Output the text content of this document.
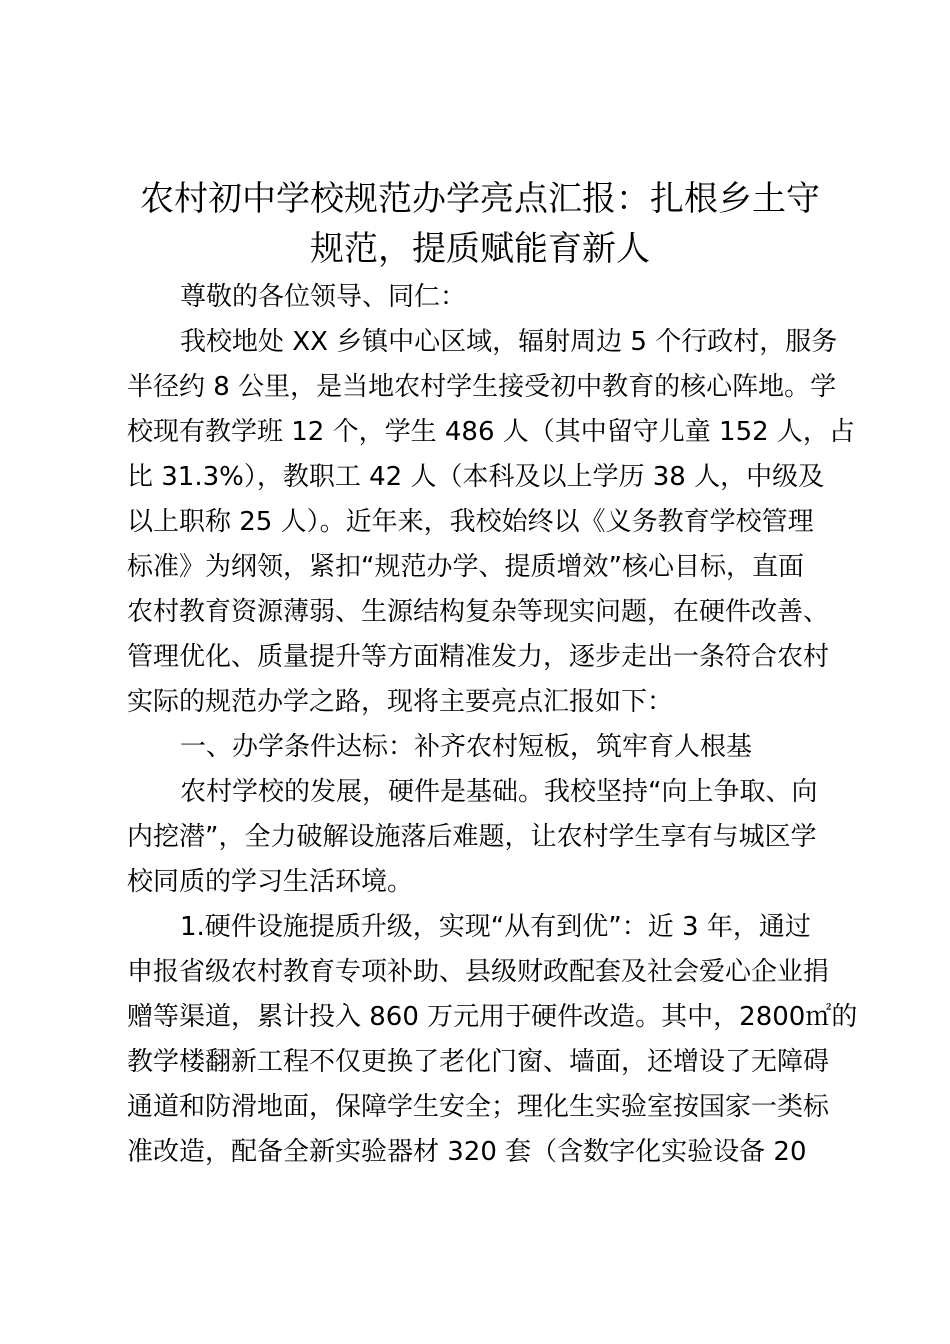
农村初中学校规范办学亮点汇报：扎根乡土守
规范，提质赋能育新人
尊敬的各位领导、同仁：
我校地处 XX 乡镇中心区域，辐射周边 5 个行政村，服务
半径约 8 公里，是当地农村学生接受初中教育的核心阵地。学
校现有教学班 12 个，学生 486 人（其中留守儿童 152 人，占
比 31.3%），教职工 42 人（本科及以上学历 38 人，中级及
以上职称 25 人）。近年来，我校始终以《义务教育学校管理
标准》为纲领，紧扣“规范办学、提质增效”核心目标，直面
农村教育资源薄弱、生源结构复杂等现实问题，在硬件改善、
管理优化、质量提升等方面精准发力，逐步走出一条符合农村
实际的规范办学之路，现将主要亮点汇报如下：
一、办学条件达标：补齐农村短板，筑牢育人根基
农村学校的发展，硬件是基础。我校坚持“向上争取、向
内挖潜”，全力破解设施落后难题，让农村学生享有与城区学
校同质的学习生活环境。
1.硬件设施提质升级，实现“从有到优”：近 3 年，通过
申报省级农村教育专项补助、县级财政配套及社会爱心企业捐
赠等渠道，累计投入 860 万元用于硬件改造。其中，2800㎡的
教学楼翻新工程不仅更换了老化门窗、墙面，还增设了无障碍
通道和防滑地面，保障学生安全；理化生实验室按国家一类标
准改造，配备全新实验器材 320 套（含数字化实验设备 20
